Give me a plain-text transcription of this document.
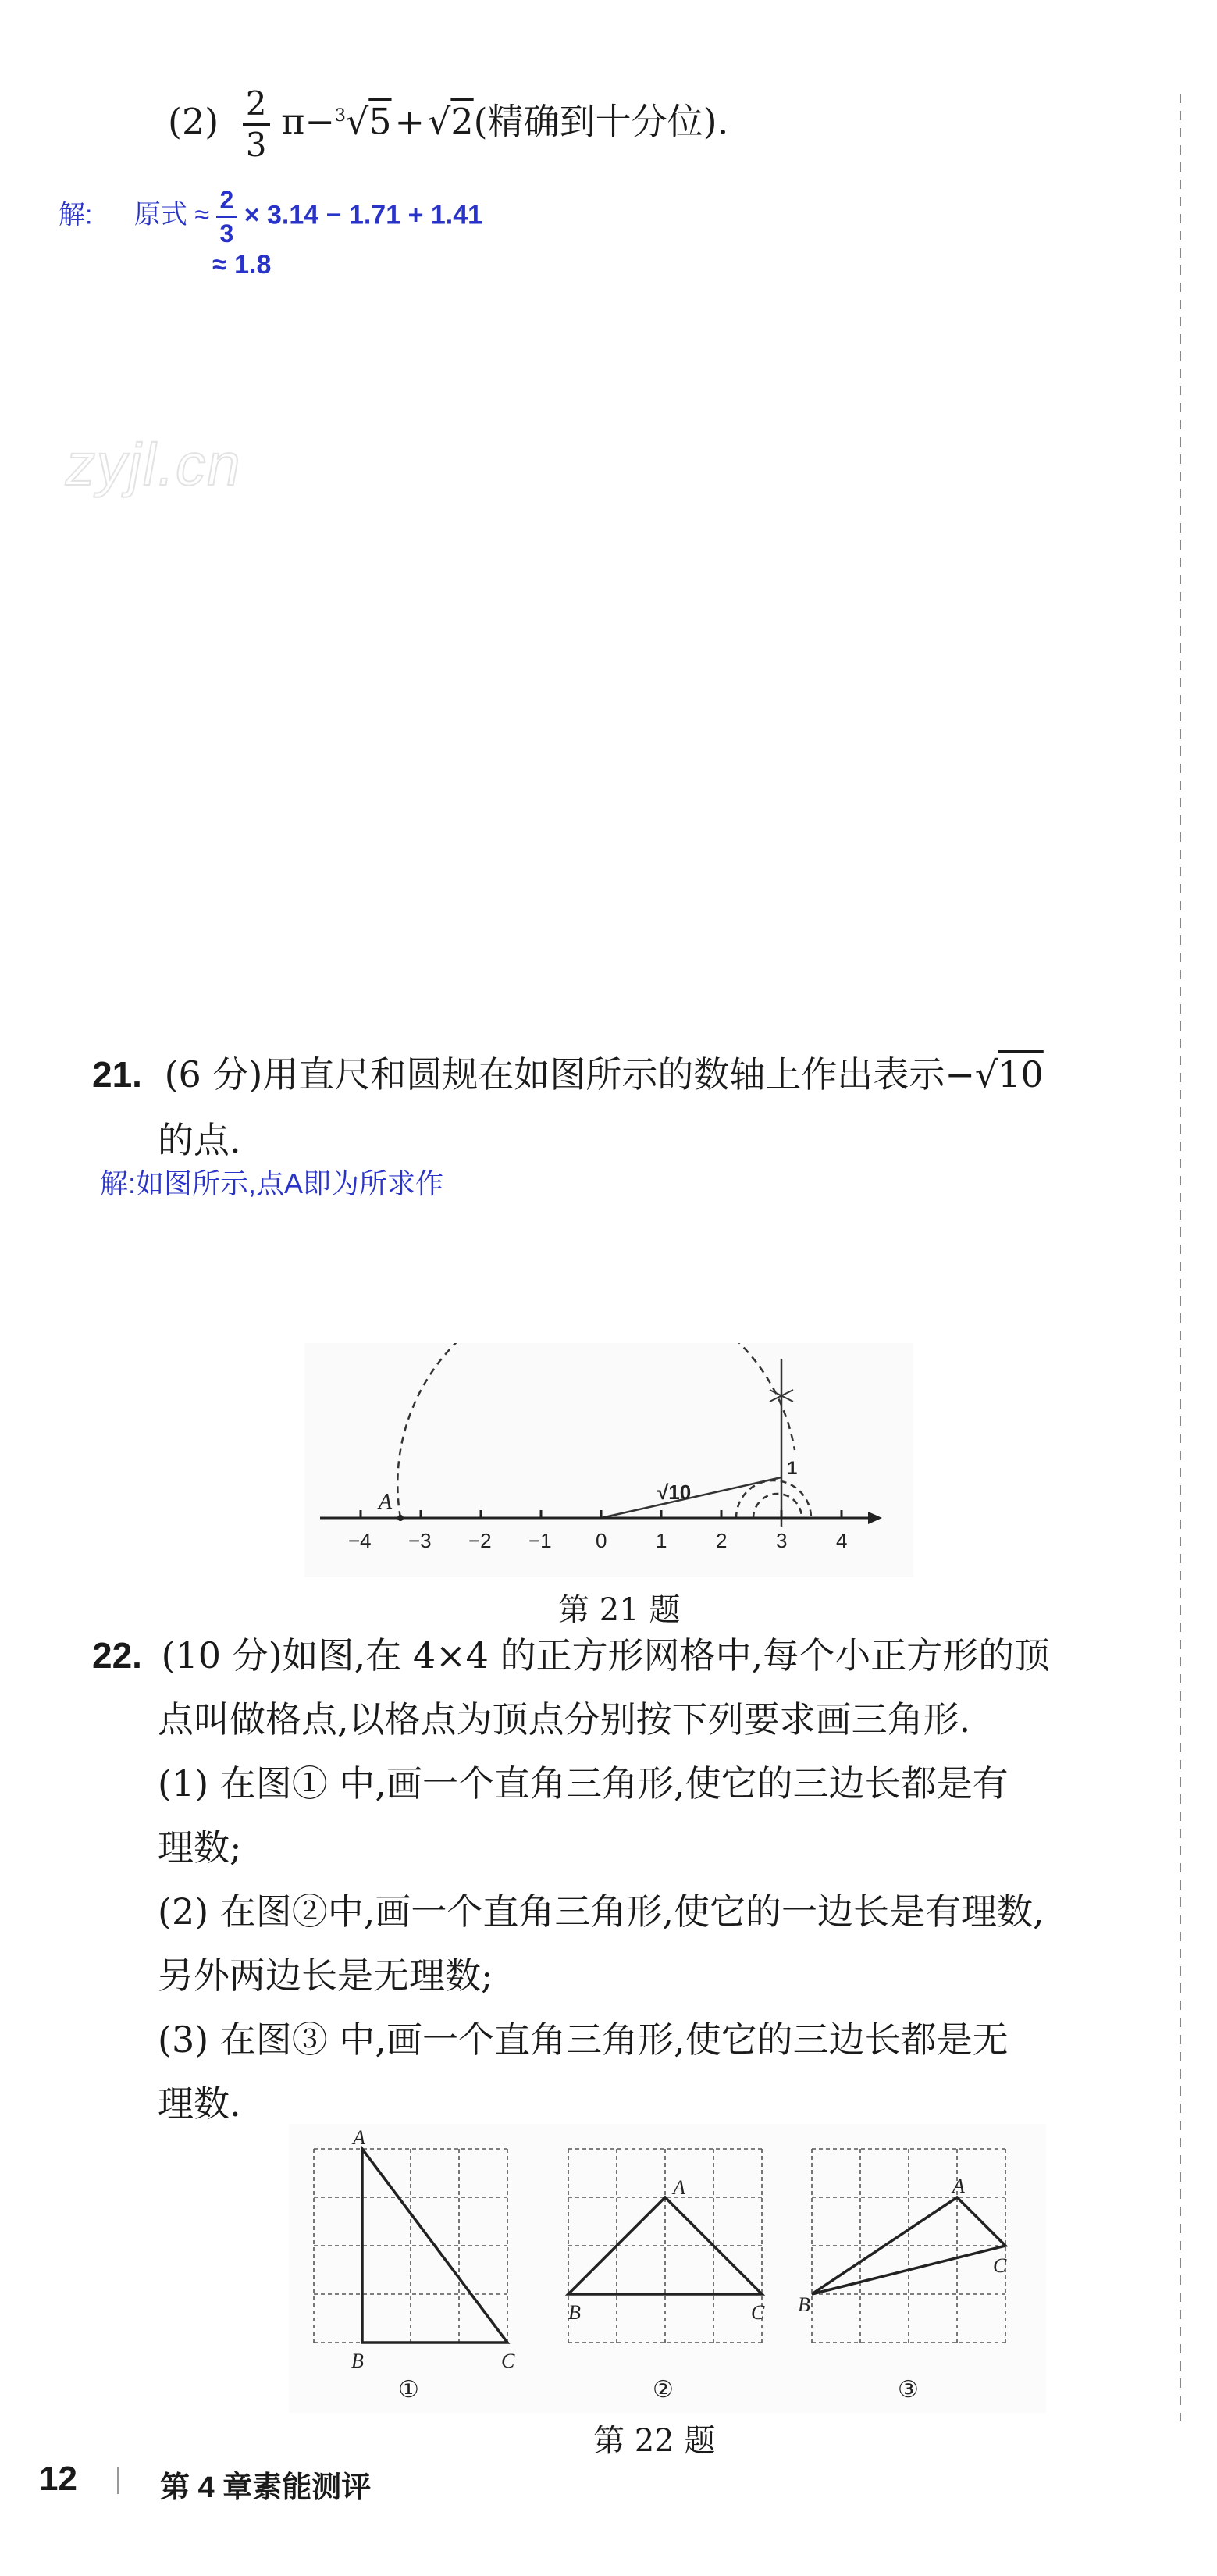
$(2) \frac{2}{3} \pi-^3√5+√2$(精确到十分位).
解: 原式 ≈ $\frac{2}{3} \times 3.14 - 1.71 + 1.41$
≈ 1.8
zyjl.cn
21. (6 分)用直尺和圆规在如图所示的数轴上作出表示−√10
的点.
解:如图所示,点A即为所求作
−4 −3 −2 −1 0 1 2 3 4
A
1
√10
第 21 题
22. (10 分)如图,在 4×4 的正方形网格中,每个小正方形的顶
点叫做格点,以格点为顶点分别按下列要求画三角形.
(1) 在图① 中,画一个直角三角形,使它的三边长都是有
理数;
(2) 在图②中,画一个直角三角形,使它的一边长是有理数,
另外两边长是无理数;
(3) 在图③ 中,画一个直角三角形,使它的三边长都是无
理数.
A
B	C
①
A
B	C
②
A
B
C
③
第 22 题
12	第 4 章素能测评
